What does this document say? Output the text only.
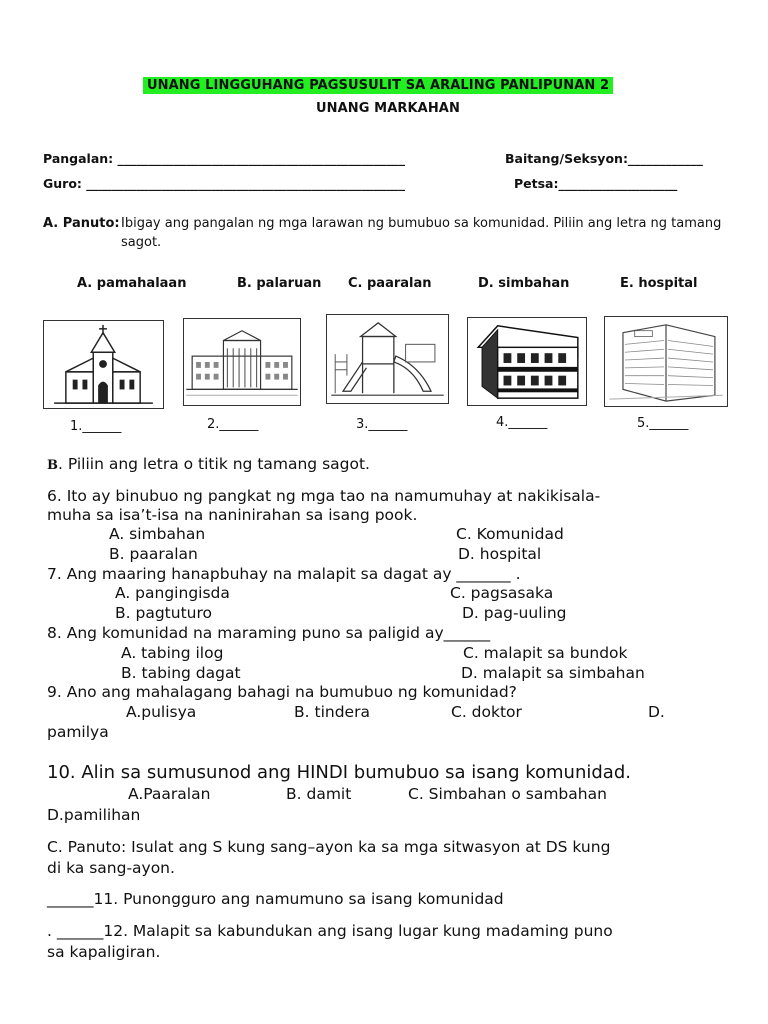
UNANG LINGGUHANG PAGSUSULIT SA ARALING PANLIPUNAN 2
UNANG MARKAHAN
Pangalan: ______________________________________________	Baitang/Seksyon:____________
Guro: ___________________________________________________	Petsa:___________________
A. Panuto:Ibigay ang pangalan ng mga larawan ng bumubuo sa komunidad. Piliin ang letra ng tamang
sagot.
A. pamahalaan	B. palaruan C. paaralan	D. simbahan	E. hospital
1.______	2.______	3.______	4.______	5.______
B. Piliin ang letra o titik ng tamang sagot.
6. Ito ay binubuo ng pangkat ng mga tao na namumuhay at nakikisala-
muha sa isa’t-isa na naninirahan sa isang pook.
A. simbahan	C. Komunidad
B. paaralan	D. hospital
7. Ang maaring hanapbuhay na malapit sa dagat ay _______ .
A. pangingisda	C. pagsasaka
B. pagtuturo	D. pag-uuling
8. Ang komunidad na maraming puno sa paligid ay______
A. tabing ilog	C. malapit sa bundok
B. tabing dagat	D. malapit sa simbahan
9. Ano ang mahalagang bahagi na bumubuo ng komunidad?
A.pulisya	B. tindera	C. doktor	D.
pamilya
10. Alin sa sumusunod ang HINDI bumubuo sa isang komunidad.
A.Paaralan	B. damit	C. Simbahan o sambahan
D.pamilihan
C. Panuto: Isulat ang S kung sang–ayon ka sa mga sitwasyon at DS kung
di ka sang-ayon.
______11. Punongguro ang namumuno sa isang komunidad
. ______12. Malapit sa kabundukan ang isang lugar kung madaming puno
sa kapaligiran.
